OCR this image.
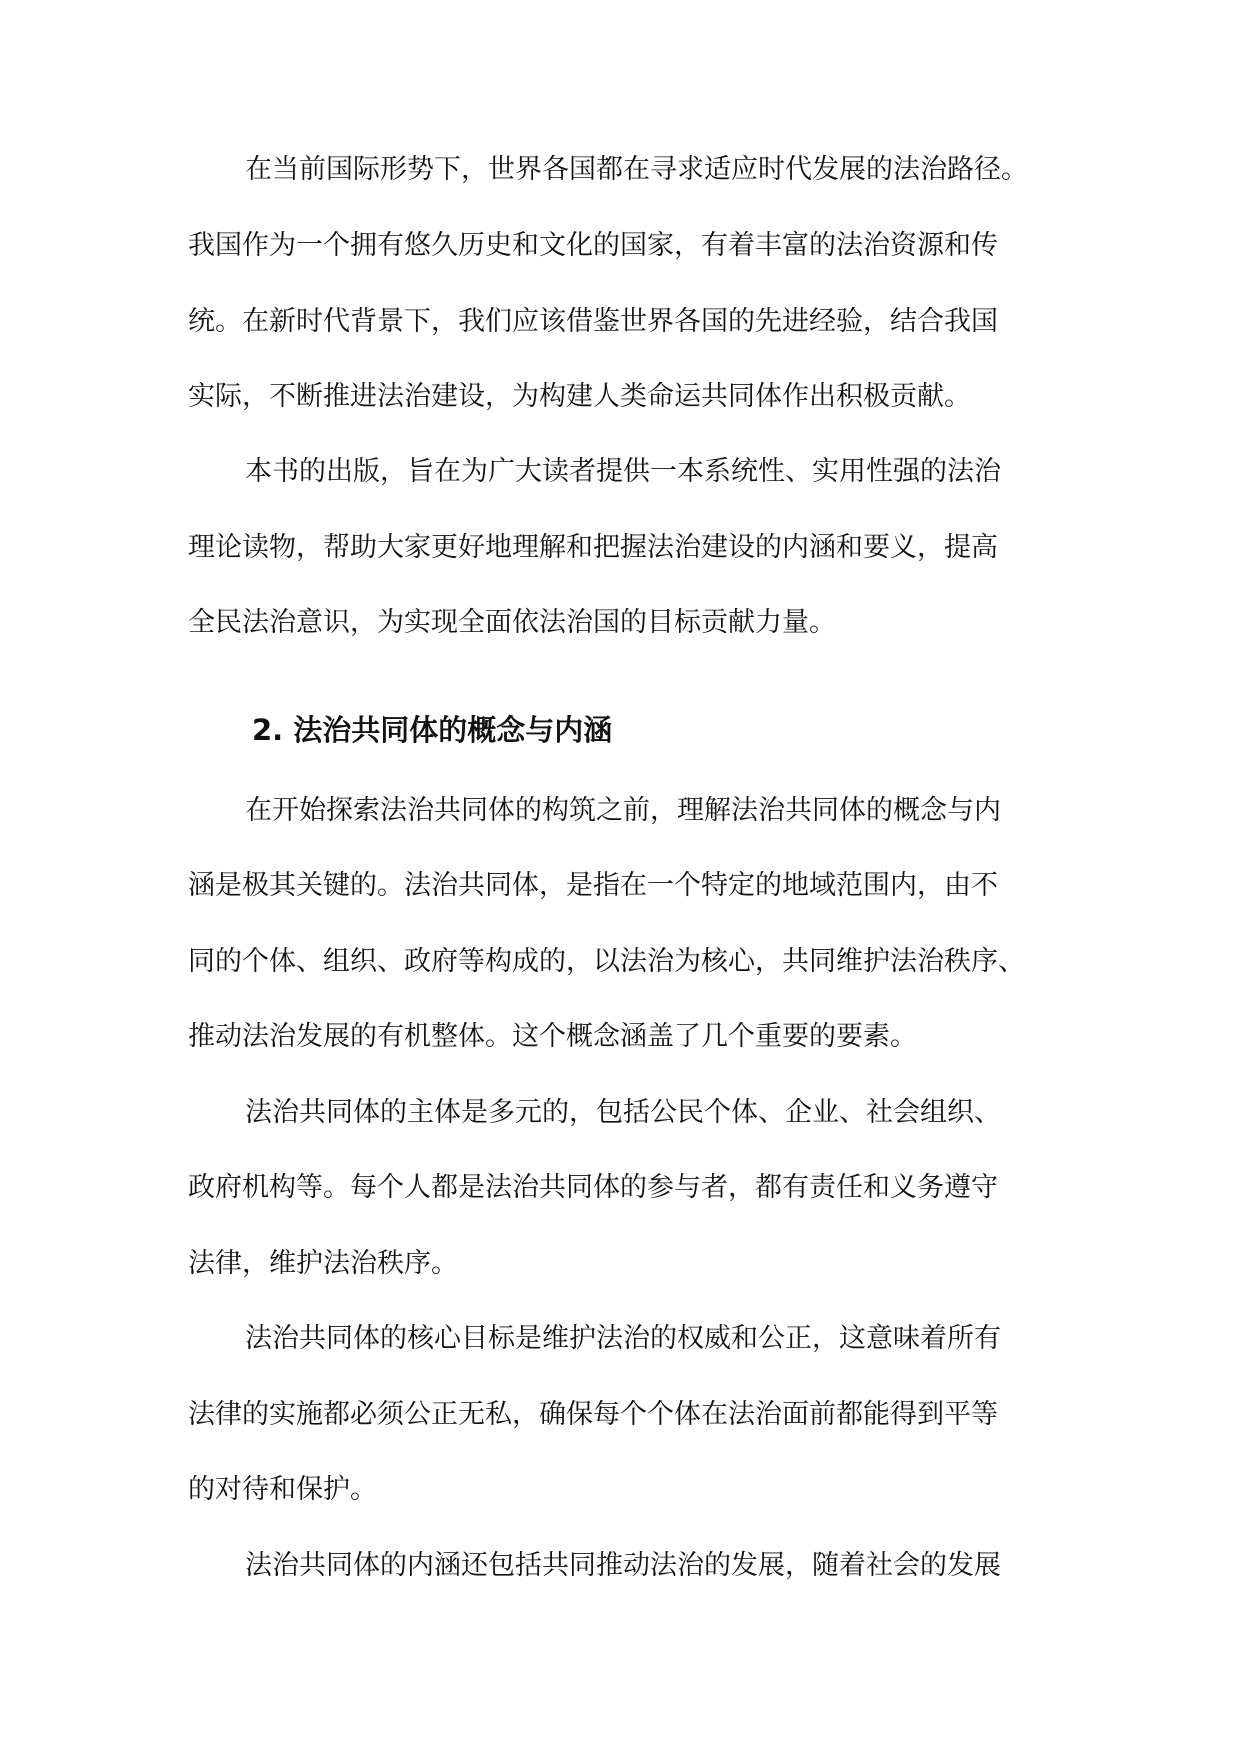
在当前国际形势下，世界各国都在寻求适应时代发展的法治路径。
我国作为一个拥有悠久历史和文化的国家，有着丰富的法治资源和传
统。在新时代背景下，我们应该借鉴世界各国的先进经验，结合我国
实际，不断推进法治建设，为构建人类命运共同体作出积极贡献。
本书的出版，旨在为广大读者提供一本系统性、实用性强的法治
理论读物，帮助大家更好地理解和把握法治建设的内涵和要义，提高
全民法治意识，为实现全面依法治国的目标贡献力量。
2. 法治共同体的概念与内涵
在开始探索法治共同体的构筑之前，理解法治共同体的概念与内
涵是极其关键的。法治共同体，是指在一个特定的地域范围内，由不
同的个体、组织、政府等构成的，以法治为核心，共同维护法治秩序、
推动法治发展的有机整体。这个概念涵盖了几个重要的要素。
法治共同体的主体是多元的，包括公民个体、企业、社会组织、
政府机构等。每个人都是法治共同体的参与者，都有责任和义务遵守
法律，维护法治秩序。
法治共同体的核心目标是维护法治的权威和公正，这意味着所有
法律的实施都必须公正无私，确保每个个体在法治面前都能得到平等
的对待和保护。
法治共同体的内涵还包括共同推动法治的发展，随着社会的发展
